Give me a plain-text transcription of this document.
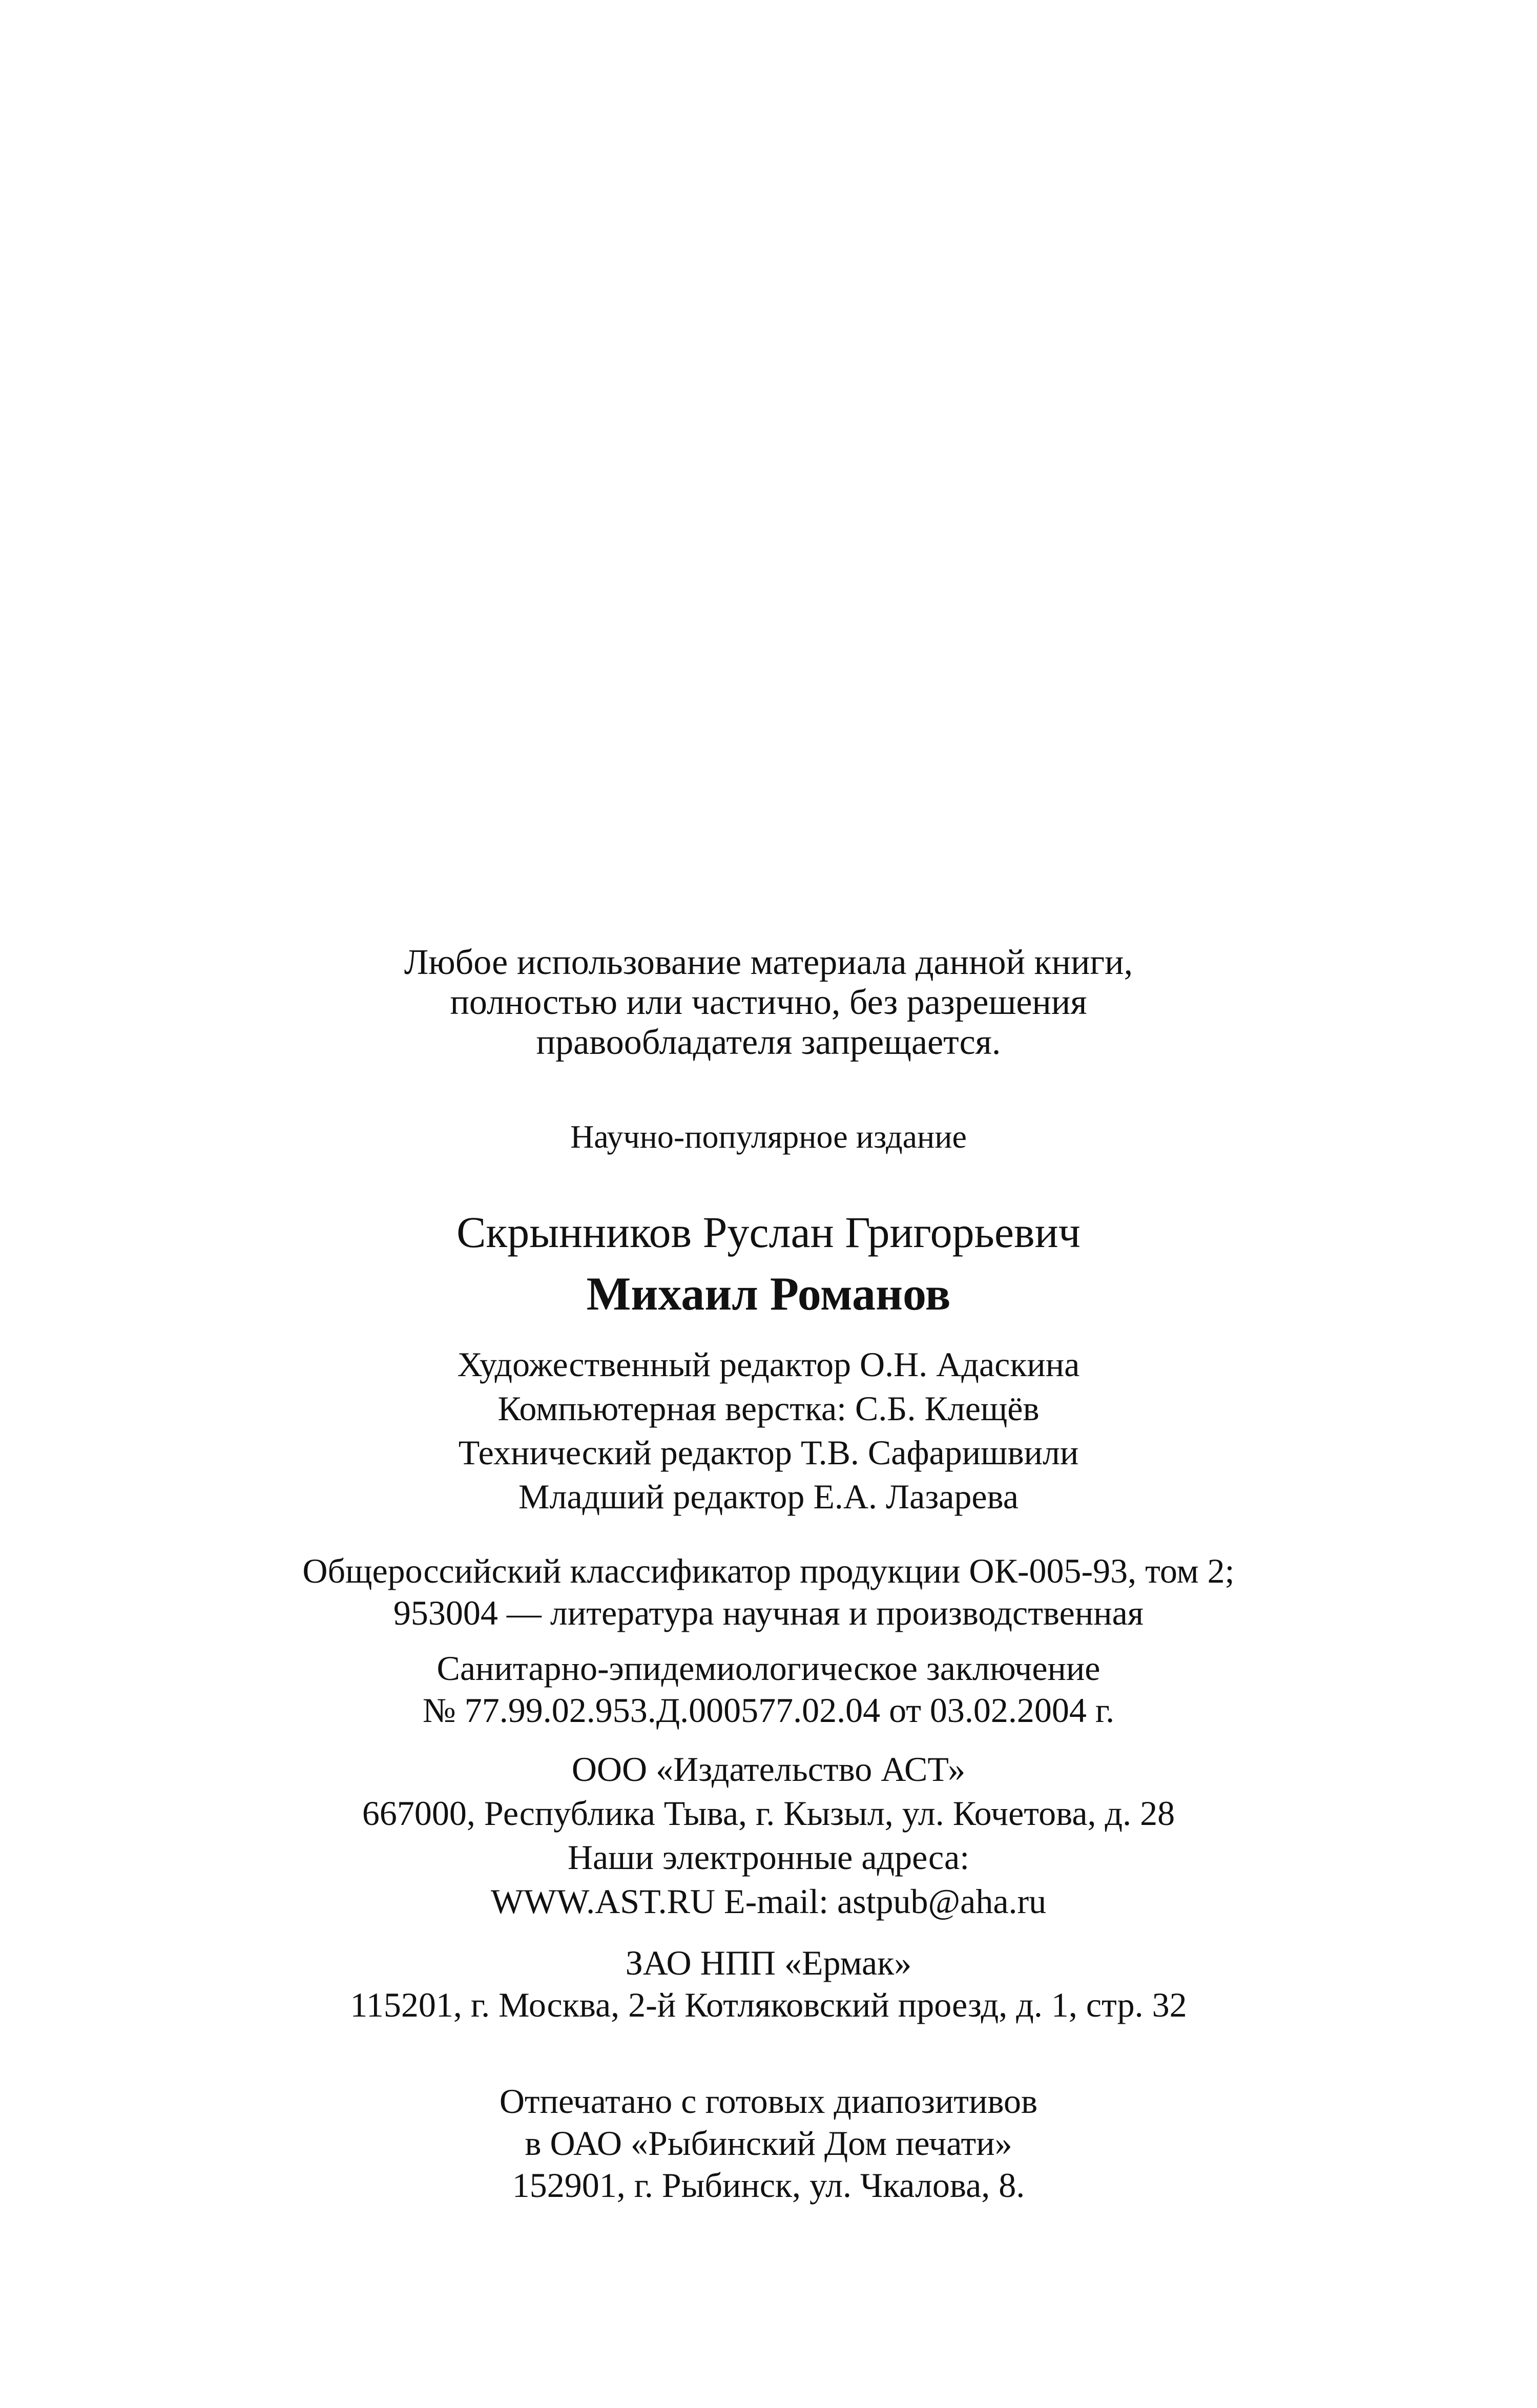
Любое использование материала данной книги,
полностью или частично, без разрешения
правообладателя запрещается.
Научно-популярное издание
Скрынников Руслан Григорьевич
Михаил Романов
Художественный редактор О.Н. Адаскина
Компьютерная верстка: С.Б. Клещёв
Технический редактор Т.В. Сафаришвили
Младший редактор Е.А. Лазарева
Общероссийский классификатор продукции ОК-005-93, том 2;
953004 — литература научная и производственная
Санитарно-эпидемиологическое заключение
№ 77.99.02.953.Д.000577.02.04 от 03.02.2004 г.
ООО «Издательство АСТ»
667000, Республика Тыва, г. Кызыл, ул. Кочетова, д. 28
Наши электронные адреса:
WWW.AST.RU E-mail: astpub@aha.ru
ЗАО НПП «Ермак»
115201, г. Москва, 2-й Котляковский проезд, д. 1, стр. 32
Отпечатано с готовых диапозитивов
в ОАО «Рыбинский Дом печати»
152901, г. Рыбинск, ул. Чкалова, 8.
